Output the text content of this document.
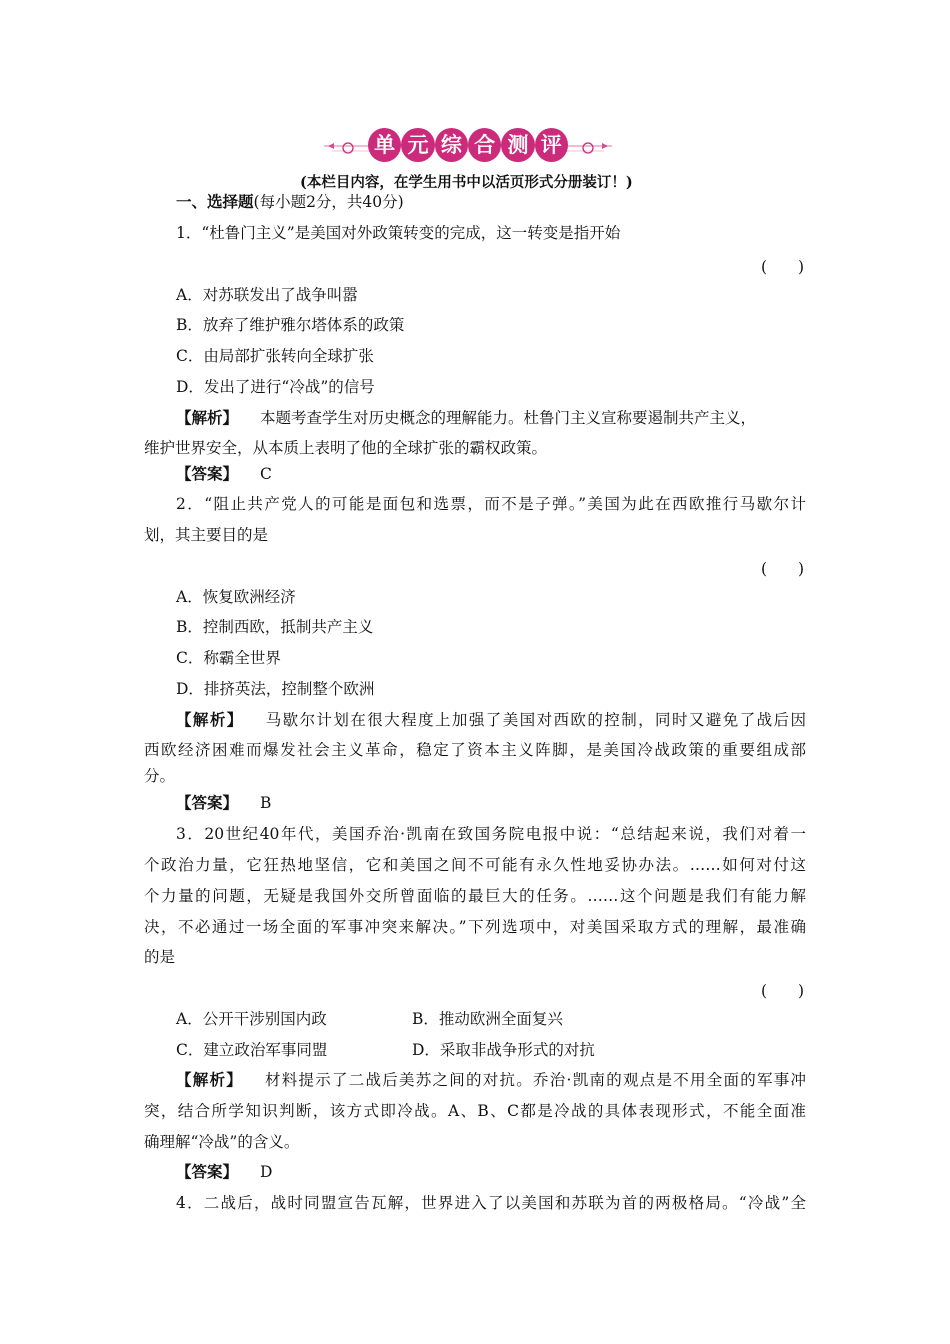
单 元 综 合 测 评
(本栏目内容，在学生用书中以活页形式分册装订！)
一、选择题(每小题2分，共40分)
1．“杜鲁门主义”是美国对外政策转变的完成，这一转变是指开始
(　　)
A．对苏联发出了战争叫嚣
B．放弃了维护雅尔塔体系的政策
C．由局部扩张转向全球扩张
D．发出了进行“冷战”的信号
【解析】 本题考查学生对历史概念的理解能力。杜鲁门主义宣称要遏制共产主义，
维护世界安全，从本质上表明了他的全球扩张的霸权政策。
【答案】 C
2．“阻止共产党人的可能是面包和选票，而不是子弹。”美国为此在西欧推行马歇尔计
划，其主要目的是
(　　)
A．恢复欧洲经济
B．控制西欧，抵制共产主义
C．称霸全世界
D．排挤英法，控制整个欧洲
【解析】 马歇尔计划在很大程度上加强了美国对西欧的控制，同时又避免了战后因
西欧经济困难而爆发社会主义革命，稳定了资本主义阵脚，是美国冷战政策的重要组成部
分。
【答案】 B
3．20世纪40年代，美国乔治·凯南在致国务院电报中说：“总结起来说，我们对着一
个政治力量，它狂热地坚信，它和美国之间不可能有永久性地妥协办法。……如何对付这
个力量的问题，无疑是我国外交所曾面临的最巨大的任务。……这个问题是我们有能力解
决，不必通过一场全面的军事冲突来解决。”下列选项中，对美国采取方式的理解，最准确
的是
(　　)
A．公开干涉别国内政	B．推动欧洲全面复兴
C．建立政治军事同盟	D．采取非战争形式的对抗
【解析】 材料提示了二战后美苏之间的对抗。乔治·凯南的观点是不用全面的军事冲
突，结合所学知识判断，该方式即冷战。A、B、C都是冷战的具体表现形式，不能全面准
确理解“冷战”的含义。
【答案】 D
4．二战后，战时同盟宣告瓦解，世界进入了以美国和苏联为首的两极格局。“冷战”全
